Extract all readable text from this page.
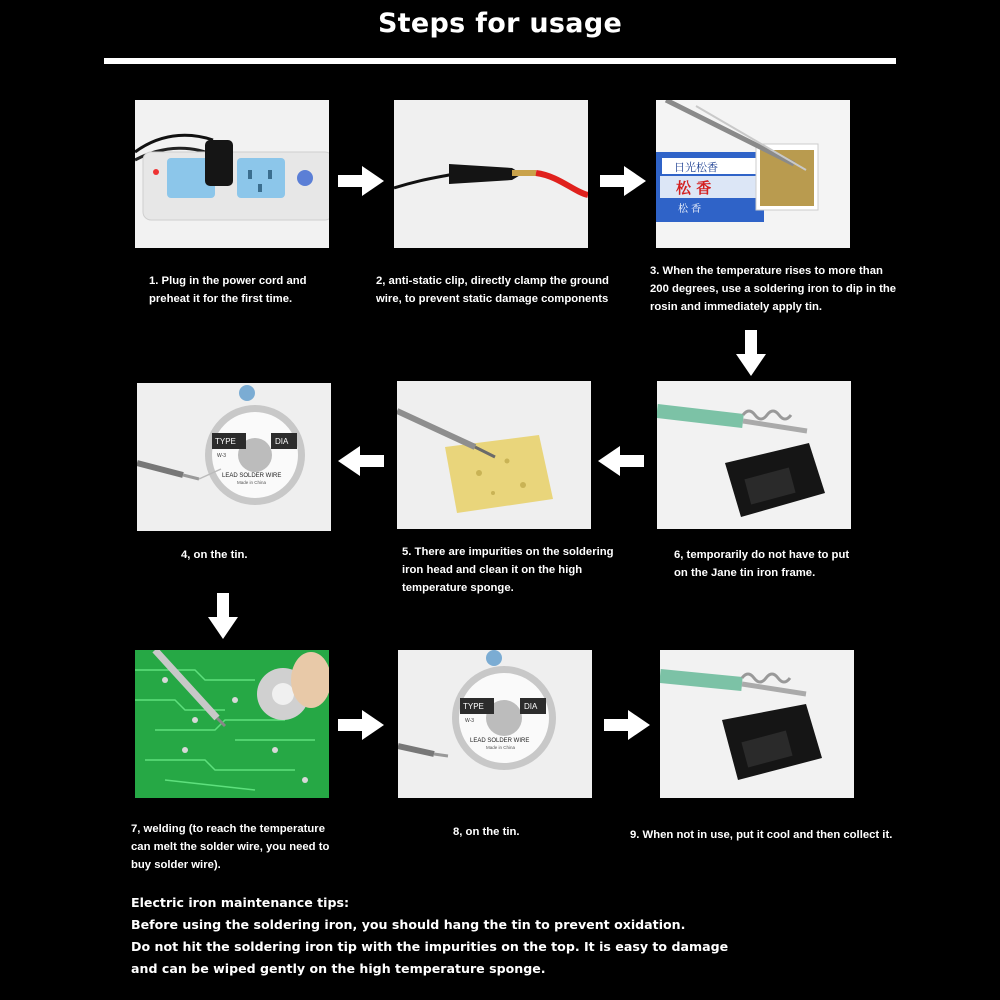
Steps for usage
日光松香
松 香
松 香
1. Plug in the power cord and preheat it for the first time.
2, anti-static clip, directly clamp the ground wire, to prevent static damage components
3. When the temperature rises to more than 200 degrees, use a soldering iron to dip in the rosin and immediately apply tin.
TYPE	DIA
W-3
LEAD SOLDER WIRE
Made in China
4, on the tin.	5. There are impurities on the soldering iron head and clean it on the high temperature sponge.
6, temporarily do not have to put on the Jane tin iron frame.
TYPE	DIA
W-3
LEAD SOLDER WIRE
Made in China
7, welding (to reach the temperature can melt the solder wire, you need to buy solder wire).
8, on the tin.	9. When not in use, put it cool and then collect it.
Electric iron maintenance tips:
Before using the soldering iron, you should hang the tin to prevent oxidation.
Do not hit the soldering iron tip with the impurities on the top. It is easy to damage
and can be wiped gently on the high temperature sponge.
